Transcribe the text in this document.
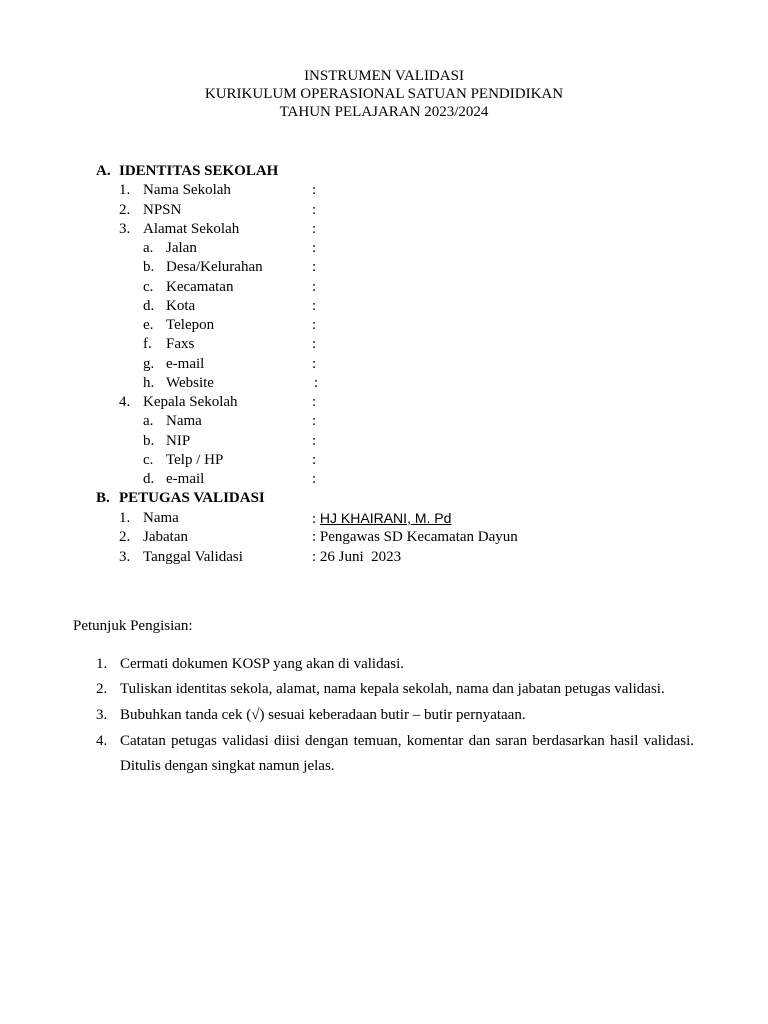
INSTRUMEN VALIDASI
KURIKULUM OPERASIONAL SATUAN PENDIDIKAN
TAHUN PELAJARAN 2023/2024
A. IDENTITAS SEKOLAH
1. Nama Sekolah	:
2. NPSN	:
3. Alamat Sekolah	:
a. Jalan	:
b. Desa/Kelurahan	:
c. Kecamatan	:
d. Kota	:
e. Telepon	:
f. Faxs	:
g. e-mail	:
h. Website	:
4. Kepala Sekolah	:
a. Nama	:
b. NIP	:
c. Telp / HP	:
d. e-mail	:
B. PETUGAS VALIDASI
1. Nama	: HJ KHAIRANI, M. Pd
2. Jabatan	: Pengawas SD Kecamatan Dayun
3. Tanggal Validasi	: 26 Juni  2023
Petunjuk Pengisian:
1. Cermati dokumen KOSP yang akan di validasi.
2. Tuliskan identitas sekola, alamat, nama kepala sekolah, nama dan jabatan petugas validasi.
3. Bubuhkan tanda cek (√) sesuai keberadaan butir – butir pernyataan.
4. Catatan petugas validasi diisi dengan temuan, komentar dan saran berdasarkan hasil validasi. Ditulis dengan singkat namun jelas.
